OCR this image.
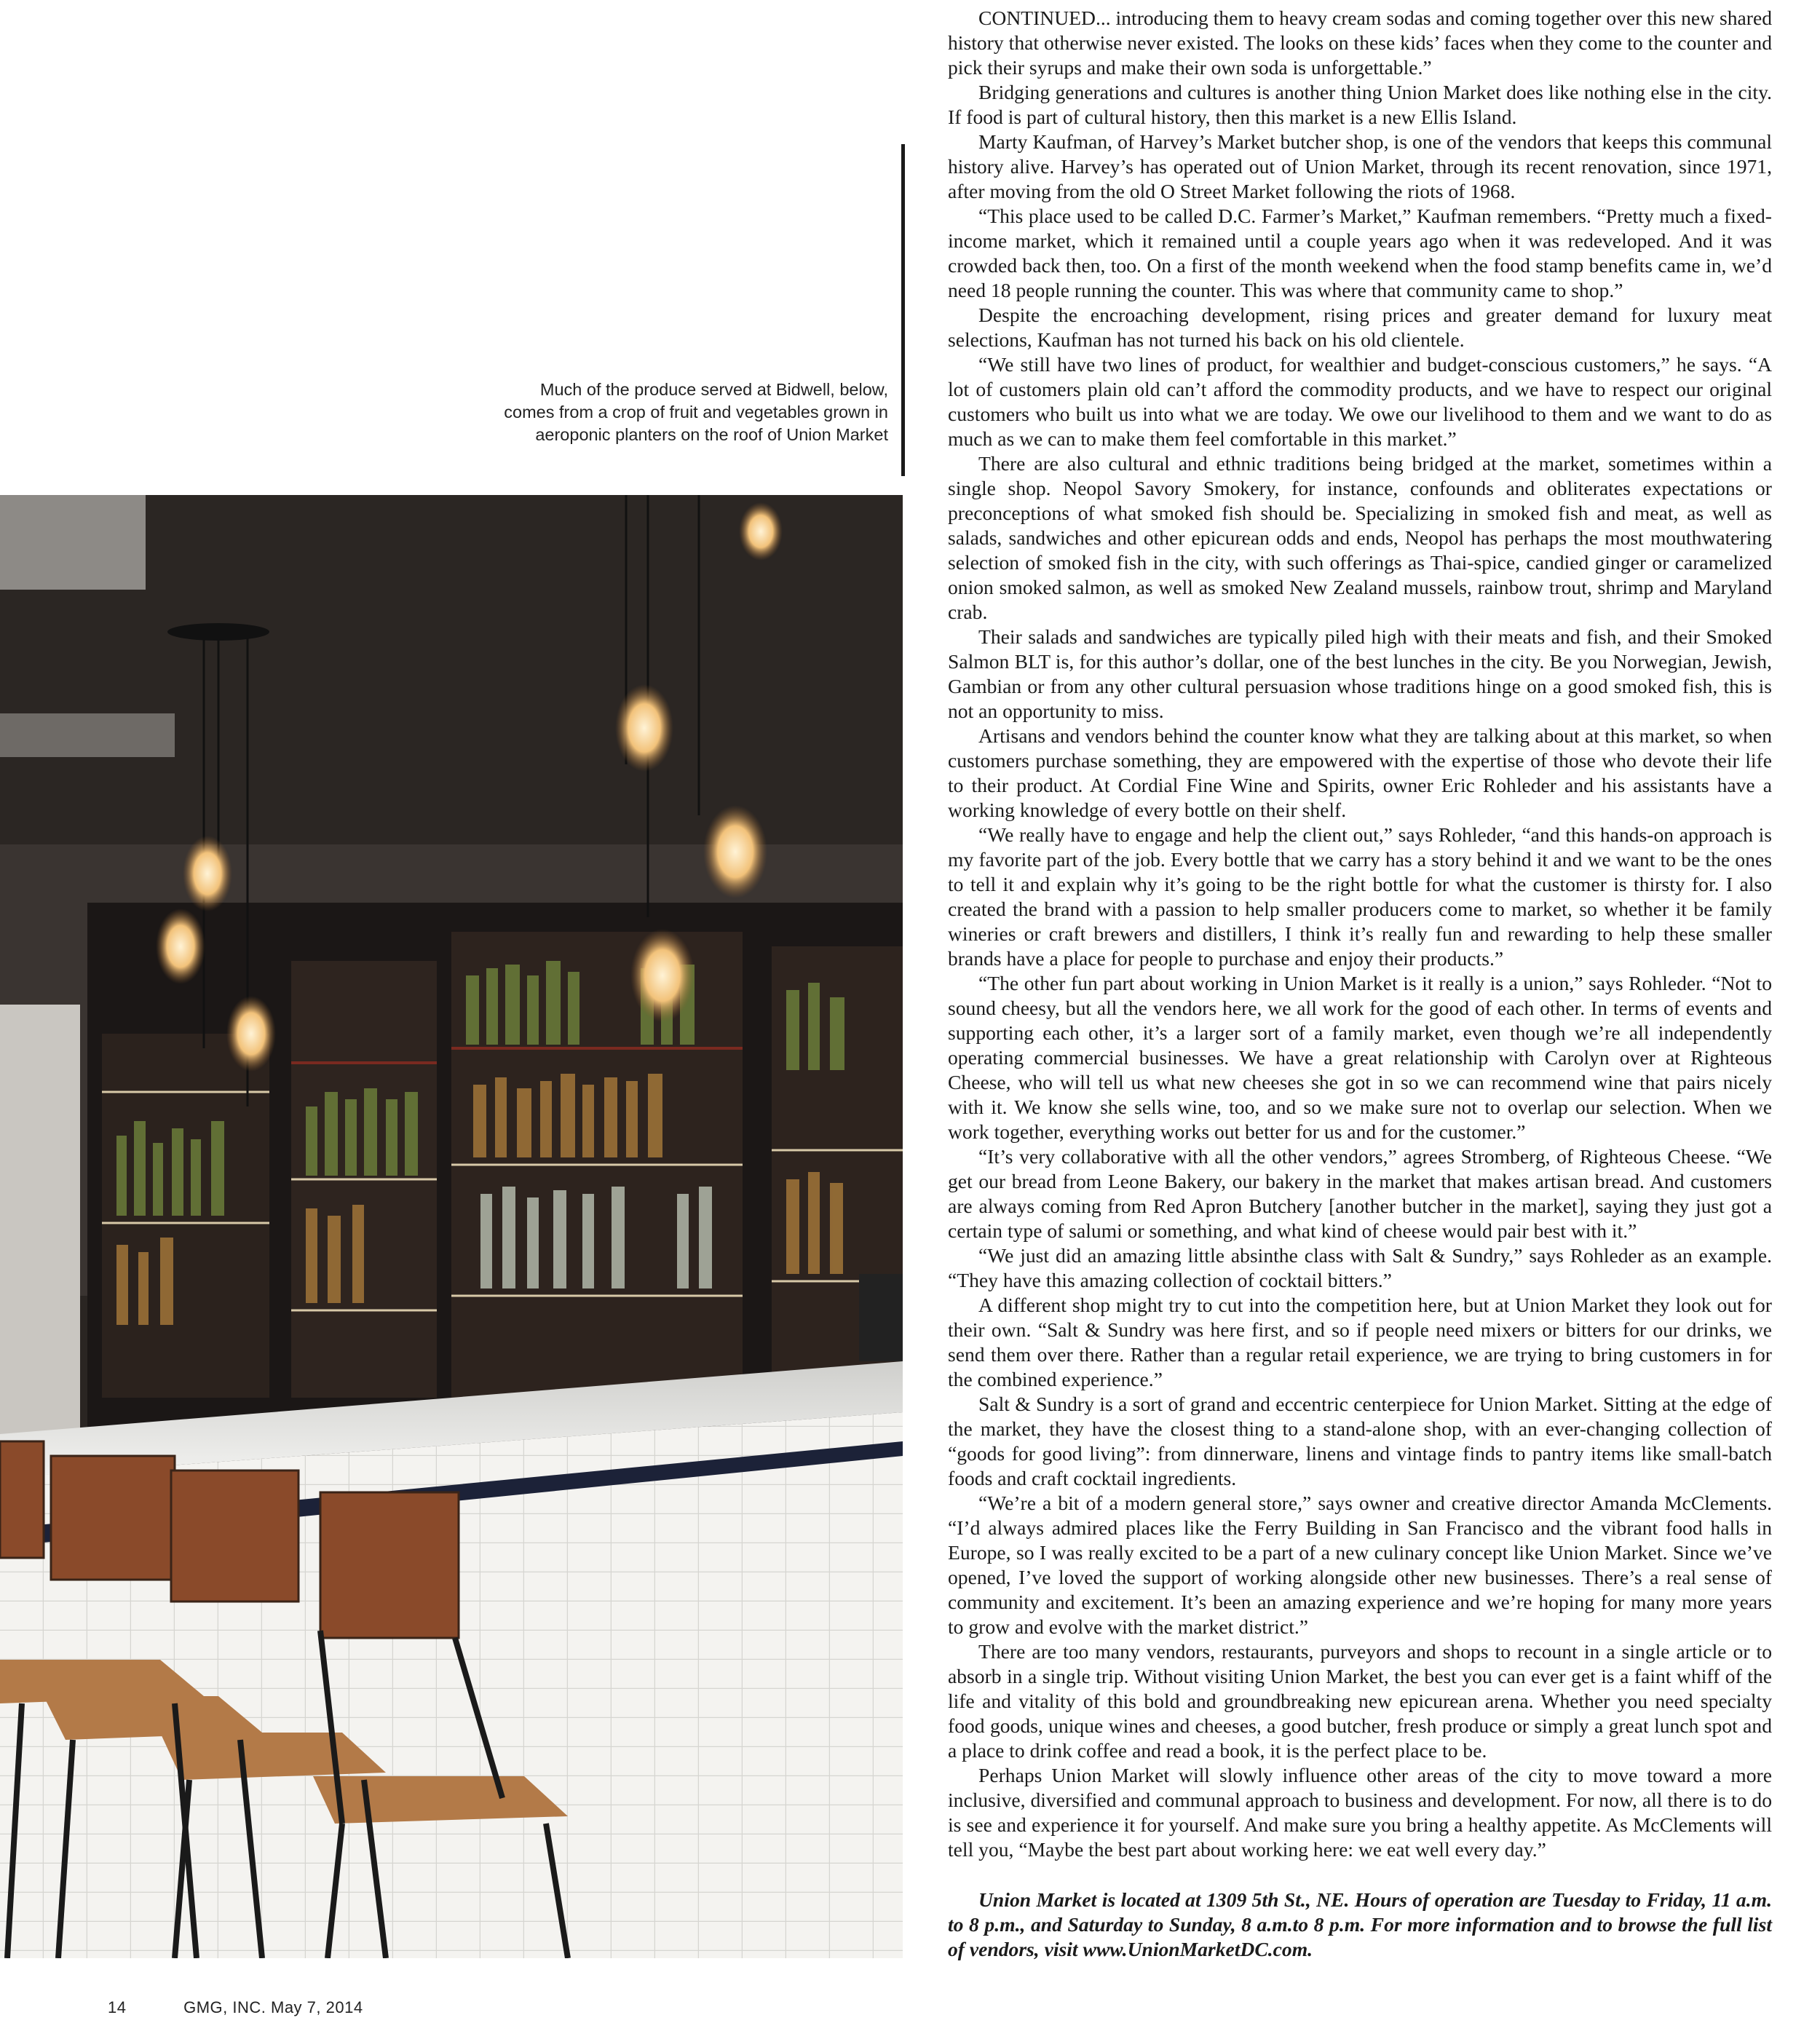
Much of the produce served at Bidwell, below, comes from a crop of fruit and vegetables grown in aeroponic planters on the roof of Union Market

CONTINUED... introducing them to heavy cream sodas and coming together over this new shared history that otherwise never existed. The looks on these kids’ faces when they come to the counter and pick their syrups and make their own soda is unforgettable.”

Bridging generations and cultures is another thing Union Market does like nothing else in the city. If food is part of cultural history, then this market is a new Ellis Island.

Marty Kaufman, of Harvey’s Market butcher shop, is one of the vendors that keeps this communal history alive. Harvey’s has operated out of Union Market, through its recent renovation, since 1971, after moving from the old O Street Market following the riots of 1968.

“This place used to be called D.C. Farmer’s Market,” Kaufman remembers. “Pretty much a fixed-income market, which it remained until a couple years ago when it was redeveloped. And it was crowded back then, too. On a first of the month weekend when the food stamp benefits came in, we’d need 18 people running the counter. This was where that community came to shop.”

Despite the encroaching development, rising prices and greater demand for luxury meat selections, Kaufman has not turned his back on his old clientele.

“We still have two lines of product, for wealthier and budget-conscious customers,” he says. “A lot of customers plain old can’t afford the commodity products, and we have to respect our original customers who built us into what we are today. We owe our livelihood to them and we want to do as much as we can to make them feel comfortable in this market.”

There are also cultural and ethnic traditions being bridged at the market, sometimes within a single shop. Neopol Savory Smokery, for instance, confounds and obliterates expectations or preconceptions of what smoked fish should be. Specializing in smoked fish and meat, as well as salads, sandwiches and other epicurean odds and ends, Neopol has perhaps the most mouthwatering selection of smoked fish in the city, with such offerings as Thai-spice, candied ginger or caramelized onion smoked salmon, as well as smoked New Zealand mussels, rainbow trout, shrimp and Maryland crab.

Their salads and sandwiches are typically piled high with their meats and fish, and their Smoked Salmon BLT is, for this author’s dollar, one of the best lunches in the city. Be you Norwegian, Jewish, Gambian or from any other cultural persuasion whose traditions hinge on a good smoked fish, this is not an opportunity to miss.

Artisans and vendors behind the counter know what they are talking about at this market, so when customers purchase something, they are empowered with the expertise of those who devote their life to their product. At Cordial Fine Wine and Spirits, owner Eric Rohleder and his assistants have a working knowledge of every bottle on their shelf.

“We really have to engage and help the client out,” says Rohleder, “and this hands-on approach is my favorite part of the job. Every bottle that we carry has a story behind it and we want to be the ones to tell it and explain why it’s going to be the right bottle for what the customer is thirsty for. I also created the brand with a passion to help smaller producers come to market, so whether it be family wineries or craft brewers and distillers, I think it’s really fun and rewarding to help these smaller brands have a place for people to purchase and enjoy their products.”

“The other fun part about working in Union Market is it really is a union,” says Rohleder. “Not to sound cheesy, but all the vendors here, we all work for the good of each other. In terms of events and supporting each other, it’s a larger sort of a family market, even though we’re all independently operating commercial businesses. We have a great relationship with Carolyn over at Righteous Cheese, who will tell us what new cheeses she got in so we can recommend wine that pairs nicely with it. We know she sells wine, too, and so we make sure not to overlap our selection. When we work together, everything works out better for us and for the customer.”

“It’s very collaborative with all the other vendors,” agrees Stromberg, of Righteous Cheese. “We get our bread from Leone Bakery, our bakery in the market that makes artisan bread. And customers are always coming from Red Apron Butchery [another butcher in the market], saying they just got a certain type of salumi or something, and what kind of cheese would pair best with it.”

“We just did an amazing little absinthe class with Salt & Sundry,” says Rohleder as an example. “They have this amazing collection of cocktail bitters.”

A different shop might try to cut into the competition here, but at Union Market they look out for their own. “Salt & Sundry was here first, and so if people need mixers or bitters for our drinks, we send them over there. Rather than a regular retail experience, we are trying to bring customers in for the combined experience.”

Salt & Sundry is a sort of grand and eccentric centerpiece for Union Market. Sitting at the edge of the market, they have the closest thing to a stand-alone shop, with an ever-changing collection of “goods for good living”: from dinnerware, linens and vintage finds to pantry items like small-batch foods and craft cocktail ingredients.

“We’re a bit of a modern general store,” says owner and creative director Amanda McClements. “I’d always admired places like the Ferry Building in San Francisco and the vibrant food halls in Europe, so I was really excited to be a part of a new culinary concept like Union Market. Since we’ve opened, I’ve loved the support of working alongside other new businesses. There’s a real sense of community and excitement. It’s been an amazing experience and we’re hoping for many more years to grow and evolve with the market district.”

There are too many vendors, restaurants, purveyors and shops to recount in a single article or to absorb in a single trip. Without visiting Union Market, the best you can ever get is a faint whiff of the life and vitality of this bold and groundbreaking new epicurean arena. Whether you need specialty food goods, unique wines and cheeses, a good butcher, fresh produce or simply a great lunch spot and a place to drink coffee and read a book, it is the perfect place to be.

Perhaps Union Market will slowly influence other areas of the city to move toward a more inclusive, diversified and communal approach to business and development. For now, all there is to do is see and experience it for yourself. And make sure you bring a healthy appetite. As McClements will tell you, “Maybe the best part about working here: we eat well every day.”

Union Market is located at 1309 5th St., NE. Hours of operation are Tuesday to Friday, 11 a.m. to 8 p.m., and Saturday to Sunday, 8 a.m.to 8 p.m. For more information and to browse the full list of vendors, visit www.UnionMarketDC.com.

14	GMG, INC. May 7, 2014
